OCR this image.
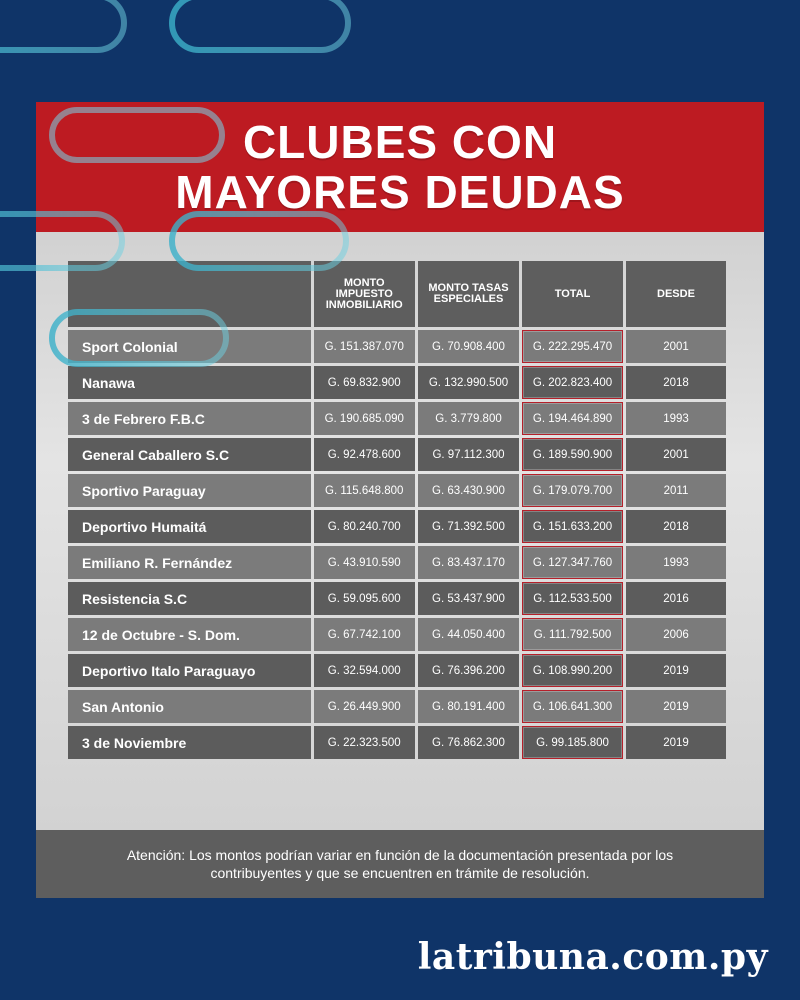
CLUBES CON
MAYORES DEUDAS
	MONTO IMPUESTO INMOBILIARIO	MONTO TASAS ESPECIALES	TOTAL	DESDE
Sport Colonial	G. 151.387.070	G. 70.908.400	G. 222.295.470	2001
Nanawa	G. 69.832.900	G. 132.990.500	G. 202.823.400	2018
3 de Febrero F.B.C	G. 190.685.090	G. 3.779.800	G. 194.464.890	1993
General Caballero S.C	G. 92.478.600	G. 97.112.300	G. 189.590.900	2001
Sportivo Paraguay	G. 115.648.800	G. 63.430.900	G. 179.079.700	2011
Deportivo Humaitá	G. 80.240.700	G. 71.392.500	G. 151.633.200	2018
Emiliano R. Fernández	G. 43.910.590	G. 83.437.170	G. 127.347.760	1993
Resistencia S.C	G. 59.095.600	G. 53.437.900	G. 112.533.500	2016
12 de Octubre - S. Dom.	G. 67.742.100	G. 44.050.400	G. 111.792.500	2006
Deportivo Italo Paraguayo	G. 32.594.000	G. 76.396.200	G. 108.990.200	2019
San Antonio	G. 26.449.900	G. 80.191.400	G. 106.641.300	2019
3 de Noviembre	G. 22.323.500	G. 76.862.300	G. 99.185.800	2019
Atención: Los montos podrían variar en función de la documentación presentada por los contribuyentes y que se encuentren en trámite de resolución.
latribuna.com.py
